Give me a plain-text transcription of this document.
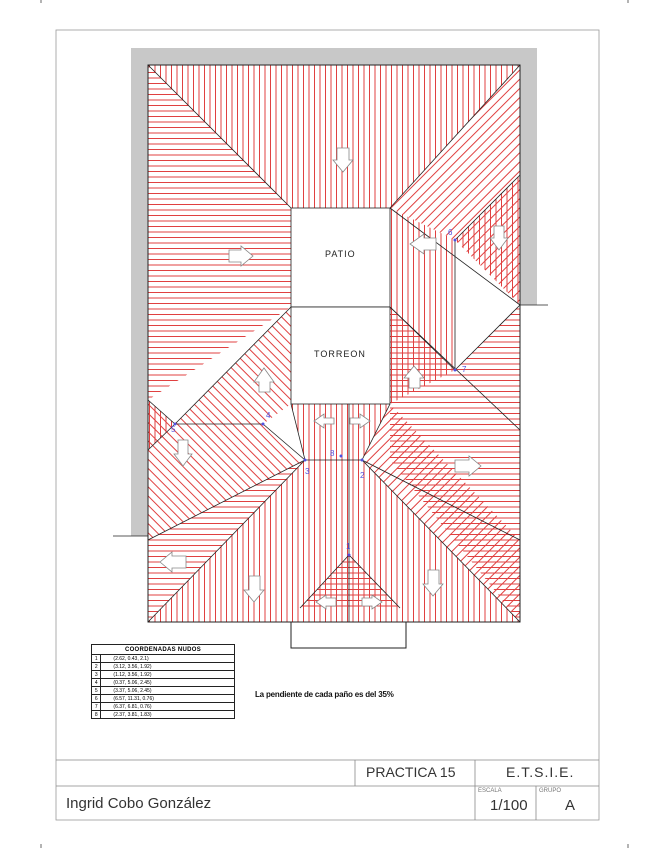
1
2
3
4
5
6
7
8
PATIO
TORREON
COORDENADAS NUDOS	
1	(2.62, 0.43, 2.1)
2	(3.12, 3.56, 1.92)
3	(1.12, 3.56, 1.92)
4	(0.37, 5.06, 2.45)
5	(3.37, 5.06, 2.45)
6	(6.57, 11.31, 0.76)
7	(6.37, 6.81, 0.76)
8	(2.37, 3.81, 1.83)
La pendiente de cada paño es del 35%
PRACTICA 15	E.T.S.I.E.
Ingrid Cobo González
ESCALA
1/100
GRUPO
A
